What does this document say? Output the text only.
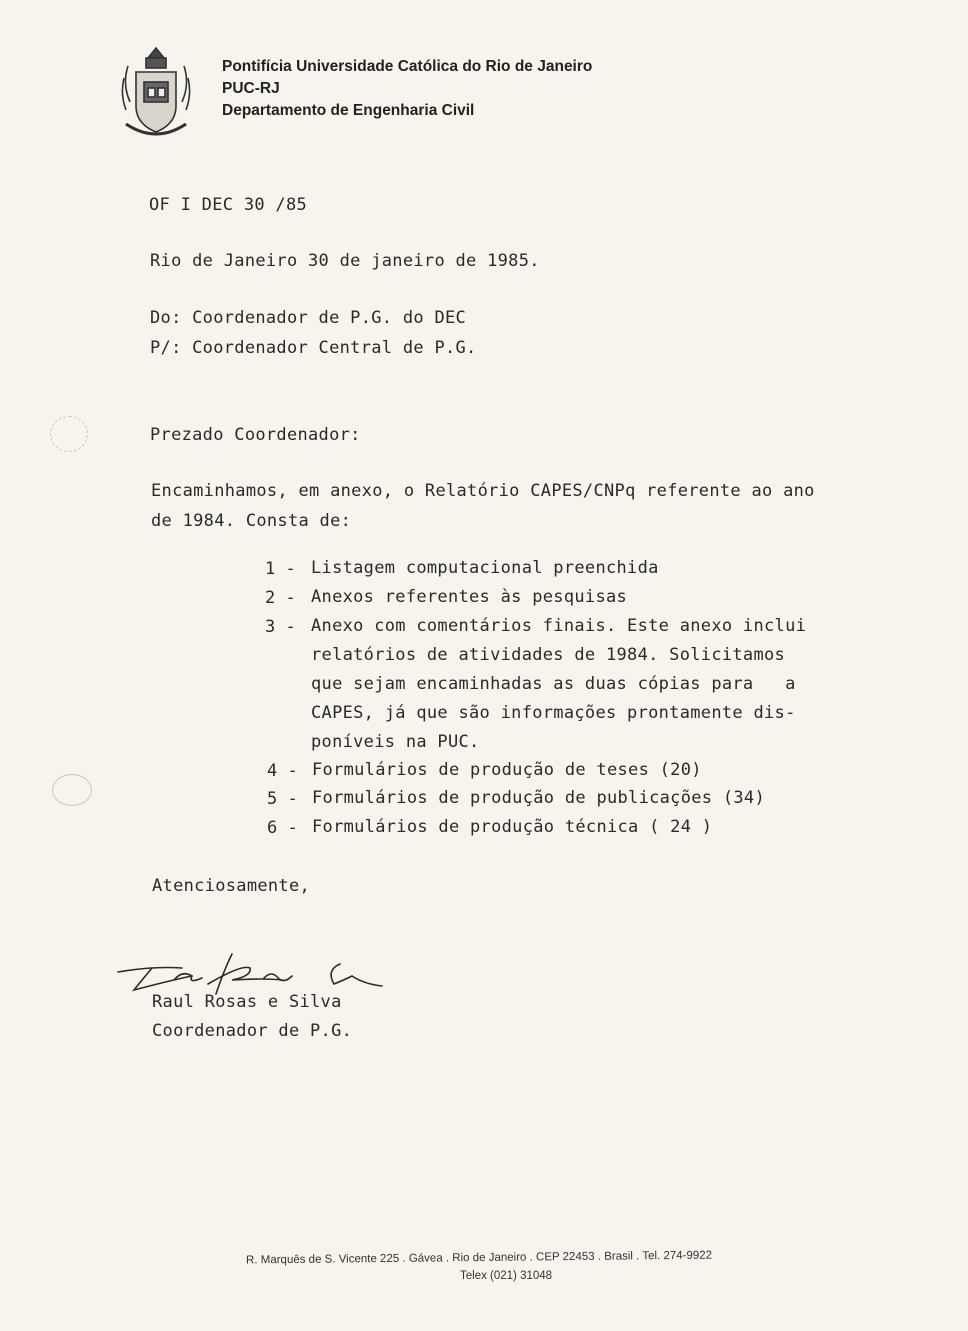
Pontifícia Universidade Católica do Rio de Janeiro
PUC-RJ
Departamento de Engenharia Civil
OF I DEC 30 /85
Rio de Janeiro 30 de janeiro de 1985.
Do: Coordenador de P.G. do DEC
P/: Coordenador Central de P.G.
Prezado Coordenador:
Encaminhamos, em anexo, o Relatório CAPES/CNPq referente ao ano
de 1984. Consta de:
1 - Listagem computacional preenchida
2 - Anexos referentes às pesquisas
3 - Anexo com comentários finais. Este anexo inclui
relatórios de atividades de 1984. Solicitamos
que sejam encaminhadas as duas cópias para   a
CAPES, já que são informações prontamente dis-
poníveis na PUC.
4 - Formulários de produção de teses (20)
5 - Formulários de produção de publicações (34)
6 - Formulários de produção técnica ( 24 )
Atenciosamente,
Raul Rosas e Silva
Coordenador de P.G.
R. Marquês de S. Vicente 225 . Gávea . Rio de Janeiro . CEP 22453 . Brasil . Tel. 274-9922
Telex (021) 31048
